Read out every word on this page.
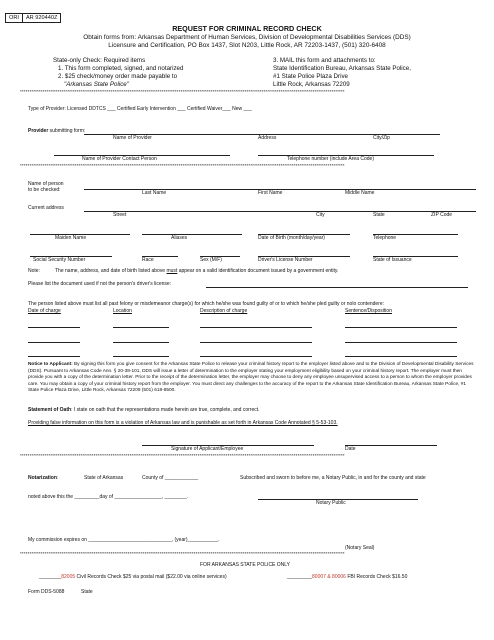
ORI	AR 920440Z
REQUEST FOR CRIMINAL RECORD CHECK
Obtain forms from: Arkansas Department of Human Services, Division of Developmental Disabilities Services (DDS)
Licensure and Certification, PO Box 1437, Slot N203, Little Rock, AR 72203-1437, (501) 320-6408
State-only Check: Required items
1. This form completed, signed, and notarized
2. $25 check/money order made payable to
"Arkansas State Police"
3. MAIL this form and attachments to:
State Identification Bureau, Arkansas State Police,
#1 State Police Plaza Drive
Little Rock, Arkansas 72209
****************************************************************************************************************************************************************************
Type of Provider: Licensed DDTCS ___ Certified Early Intervention ___ Certified Waiver___ New ___
Provider submitting form:
Name of Provider	Address	City/Zip
Name of Provider Contact Person	Telephone number (include Area Code)
****************************************************************************************************************************************************************************
Name of person
to be checked:	Last Name	First Name	Middle Name
Current address
Street	City	State	ZIP Code
Maiden Name	Aliases	Date of Birth (month/day/year)	Telephone
Social Security Number	Race	Sex (M/F)	Driver's License Number	State of Issuance
Note:	The name, address, and date of birth listed above must appear on a valid identification document issued by a government entity.
Please list the document used if not the person's driver's license:
The person listed above must list all past felony or misdemeanor charge(s) for which he/she was found guilty of or to which he/she pled guilty or nolo contendere:
Date of charge	Location	Description of charge	Sentence/Disposition
Notice to Applicant: By signing this form you give consent for the Arkansas State Police to release your criminal history report to the employer listed above and to the Division of Developmental Disability Services (DDS). Pursuant to Arkansas Code Ann. § 20-38-101, DDS will issue a letter of determination to the employer stating your employment eligibility based on your criminal history report. The employer must then provide you with a copy of the determination letter. Prior to the receipt of the determination letter, the employer may choose to deny any employee unsupervised access to a person to whom the employer provides care. You may obtain a copy of your criminal history report from the employer. You must direct any challenges to the accuracy of the report to the Arkansas State Identification Bureau, Arkansas State Police, #1 State Police Plaza Drive, Little Rock, Arkansas 72209 (501) 618-8500.
Statement of Oath: I state on oath that the representations made herein are true, complete, and correct.
Providing false information on this form is a violation of Arkansas law and is punishable as set forth in Arkansas Code Annotated § 5-53-103.
Signature of Applicant/Employee	Date
****************************************************************************************************************************************************************************
Notarization:	State of Arkansas	County of ____________	Subscribed and sworn to before me, a Notary Public, in and for the county and state
noted above this the _________day of _________________, ________.
Notary Public
My commission expires on ______________________________, (year)___________.
(Notary Seal)
****************************************************************************************************************************************************************************
FOR ARKANSAS STATE POLICE ONLY
________82005 Civil Records Check $25 via postal mail ($22.00 via online services)	_________80007 & 80006 FBI Records Check $16.50
Form DDS-5088	State
